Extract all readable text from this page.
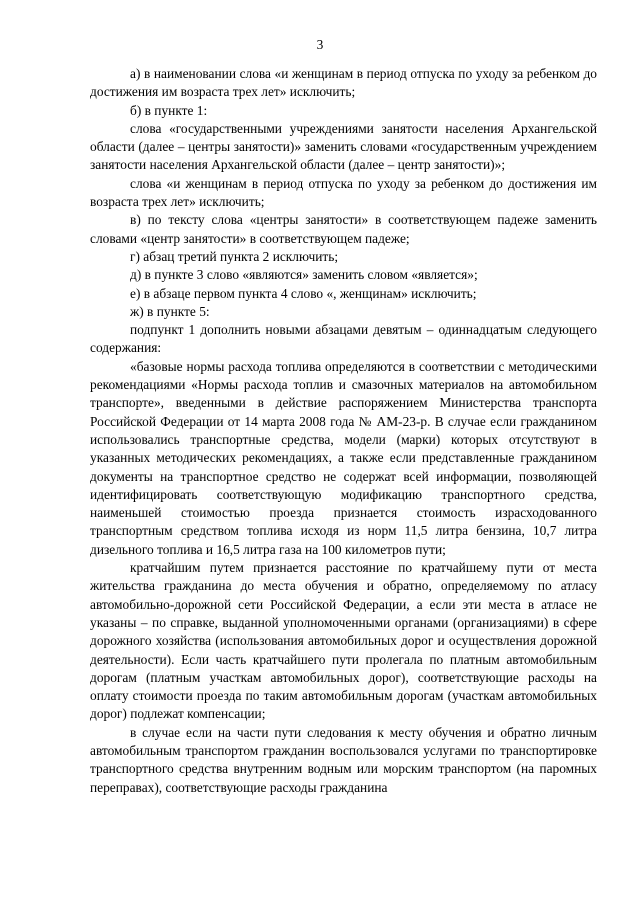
3

а) в наименовании слова «и женщинам в период отпуска по уходу за ребенком до достижения им возраста трех лет» исключить;

б) в пункте 1:

слова «государственными учреждениями занятости населения Архангельской области (далее – центры занятости)» заменить словами «государственным учреждением занятости населения Архангельской области (далее – центр занятости)»;

слова «и женщинам в период отпуска по уходу за ребенком до достижения им возраста трех лет» исключить;

в) по тексту слова «центры занятости» в соответствующем падеже заменить словами «центр занятости» в соответствующем падеже;

г) абзац третий пункта 2 исключить;

д) в пункте 3 слово «являются» заменить словом «является»;

е) в абзаце первом пункта 4 слово «, женщинам» исключить;

ж) в пункте 5:

подпункт 1 дополнить новыми абзацами девятым – одиннадцатым следующего содержания:

«базовые нормы расхода топлива определяются в соответствии с методическими рекомендациями «Нормы расхода топлив и смазочных материалов на автомобильном транспорте», введенными в действие распоряжением Министерства транспорта Российской Федерации от 14 марта 2008 года № АМ-23-р. В случае если гражданином использовались транспортные средства, модели (марки) которых отсутствуют в указанных методических рекомендациях, а также если представленные гражданином документы на транспортное средство не содержат всей информации, позволяющей идентифицировать соответствующую модификацию транспортного средства, наименьшей стоимостью проезда признается стоимость израсходованного транспортным средством топлива исходя из норм 11,5 литра бензина, 10,7 литра дизельного топлива и 16,5 литра газа на 100 километров пути;

кратчайшим путем признается расстояние по кратчайшему пути от места жительства гражданина до места обучения и обратно, определяемому по атласу автомобильно-дорожной сети Российской Федерации, а если эти места в атласе не указаны – по справке, выданной уполномоченными органами (организациями) в сфере дорожного хозяйства (использования автомобильных дорог и осуществления дорожной деятельности). Если часть кратчайшего пути пролегала по платным автомобильным дорогам (платным участкам автомобильных дорог), соответствующие расходы на оплату стоимости проезда по таким автомобильным дорогам (участкам автомобильных дорог) подлежат компенсации;

в случае если на части пути следования к месту обучения и обратно личным автомобильным транспортом гражданин воспользовался услугами по транспортировке транспортного средства внутренним водным или морским транспортом (на паромных переправах), соответствующие расходы гражданина
